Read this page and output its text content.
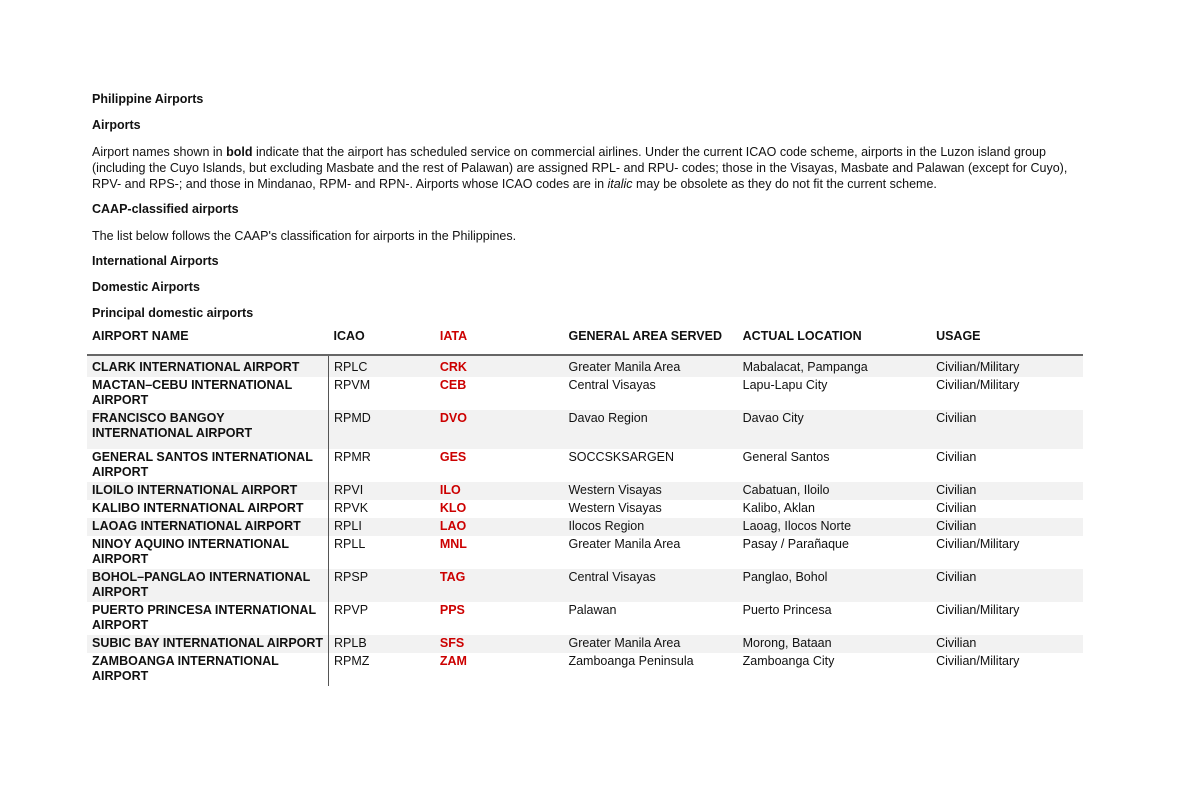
Philippine Airports
Airports
Airport names shown in bold indicate that the airport has scheduled service on commercial airlines. Under the current ICAO code scheme, airports in the Luzon island group (including the Cuyo Islands, but excluding Masbate and the rest of Palawan) are assigned RPL- and RPU- codes; those in the Visayas, Masbate and Palawan (except for Cuyo), RPV- and RPS-; and those in Mindanao, RPM- and RPN-. Airports whose ICAO codes are in italic may be obsolete as they do not fit the current scheme.
CAAP-classified airports
The list below follows the CAAP's classification for airports in the Philippines.
International Airports
Domestic Airports
Principal domestic airports
AIRPORT NAME	ICAO	IATA	GENERAL AREA SERVED	ACTUAL LOCATION	USAGE
CLARK INTERNATIONAL AIRPORT	RPLC	CRK	Greater Manila Area	Mabalacat, Pampanga	Civilian/Military
MACTAN–CEBU INTERNATIONAL AIRPORT	RPVM	CEB	Central Visayas	Lapu-Lapu City	Civilian/Military
FRANCISCO BANGOY INTERNATIONAL AIRPORT	RPMD	DVO	Davao Region	Davao City	Civilian
GENERAL SANTOS INTERNATIONAL AIRPORT	RPMR	GES	SOCCSKSARGEN	General Santos	Civilian
ILOILO INTERNATIONAL AIRPORT	RPVI	ILO	Western Visayas	Cabatuan, Iloilo	Civilian
KALIBO INTERNATIONAL AIRPORT	RPVK	KLO	Western Visayas	Kalibo, Aklan	Civilian
LAOAG INTERNATIONAL AIRPORT	RPLI	LAO	Ilocos Region	Laoag, Ilocos Norte	Civilian
NINOY AQUINO INTERNATIONAL AIRPORT	RPLL	MNL	Greater Manila Area	Pasay / Parañaque	Civilian/Military
BOHOL–PANGLAO INTERNATIONAL AIRPORT	RPSP	TAG	Central Visayas	Panglao, Bohol	Civilian
PUERTO PRINCESA INTERNATIONAL AIRPORT	RPVP	PPS	Palawan	Puerto Princesa	Civilian/Military
SUBIC BAY INTERNATIONAL AIRPORT	RPLB	SFS	Greater Manila Area	Morong, Bataan	Civilian
ZAMBOANGA INTERNATIONAL AIRPORT	RPMZ	ZAM	Zamboanga Peninsula	Zamboanga City	Civilian/Military
